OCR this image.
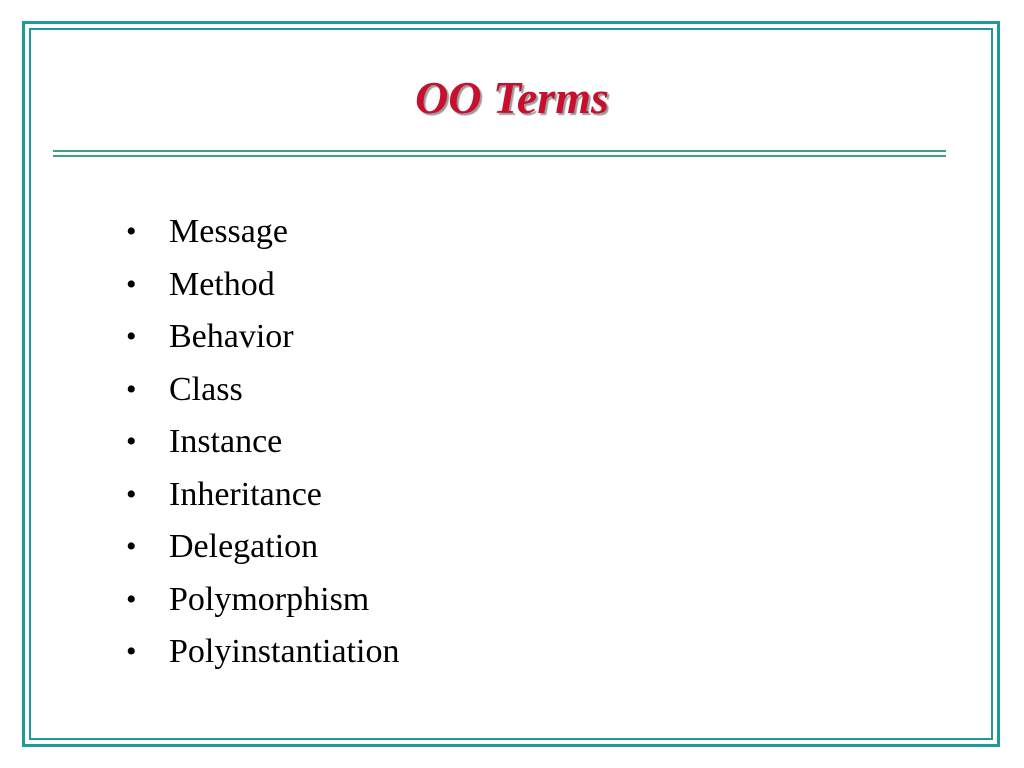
OO Terms
• Message
• Method
• Behavior
• Class
• Instance
• Inheritance
• Delegation
• Polymorphism
• Polyinstantiation
